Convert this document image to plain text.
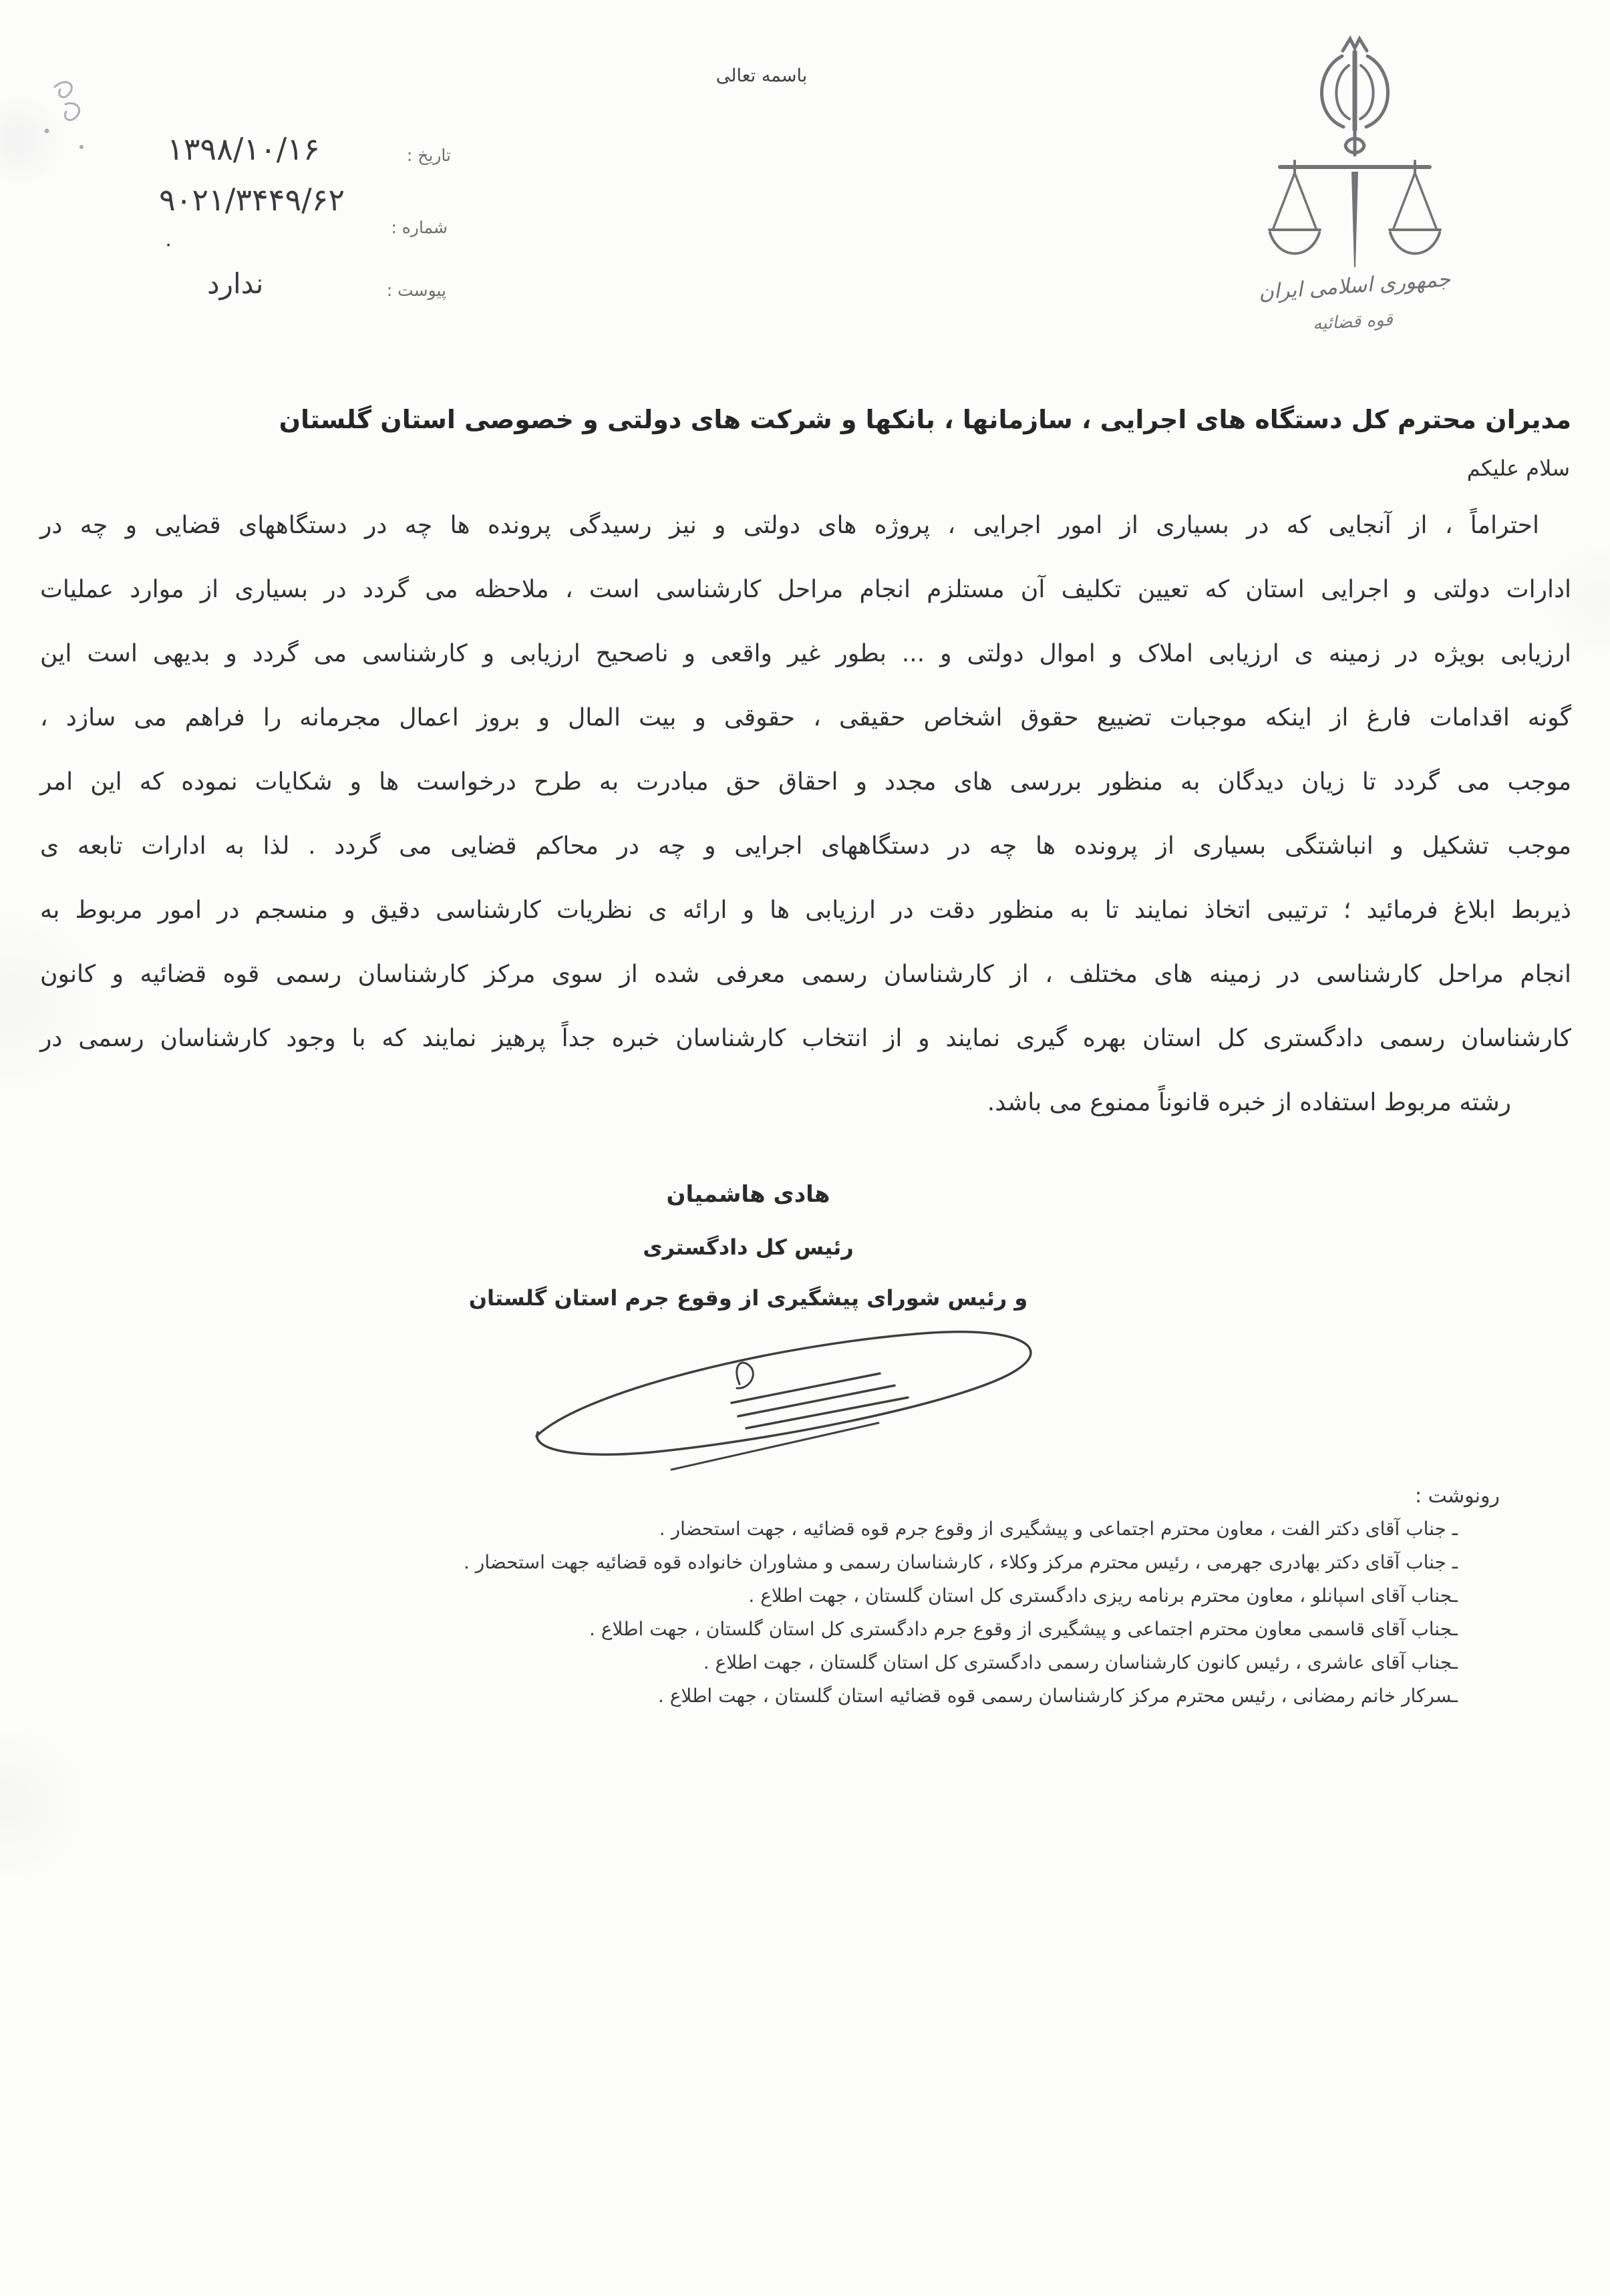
باسمه تعالی
تاریخ :
۱۳۹۸/۱۰/۱۶
شماره :
۹۰۲۱/۳۴۴۹/۶۲
۰
پیوست :
ندارد	جمهوری اسلامی ایران
قوه قضائیه
مدیران محترم کل دستگاه های اجرایی ، سازمانها ، بانکها و شرکت های دولتی و خصوصی استان گلستان
سلام علیکم
احتراماً ، از آنجایی که در بسیاری از امور اجرایی ، پروژه های دولتی و نیز رسیدگی پرونده ها چه در دستگاههای قضایی و چه در
ادارات دولتی و اجرایی استان که تعیین تکلیف آن مستلزم انجام مراحل کارشناسی است ، ملاحظه می گردد در بسیاری از موارد عملیات
ارزیابی بویژه در زمینه ی ارزیابی املاک و اموال دولتی و ... بطور غیر واقعی و ناصحیح ارزیابی و کارشناسی می گردد و بدیهی است این
گونه اقدامات فارغ از اینکه موجبات تضییع حقوق اشخاص حقیقی ، حقوقی و بیت المال و بروز اعمال مجرمانه را فراهم می سازد ،
موجب می گردد تا زیان دیدگان به منظور بررسی های مجدد و احقاق حق مبادرت به طرح درخواست ها و شکایات نموده که این امر
موجب تشکیل و انباشتگی بسیاری از پرونده ها چه در دستگاههای اجرایی و چه در محاکم قضایی می گردد . لذا به ادارات تابعه ی
ذیربط ابلاغ فرمائید ؛ ترتیبی اتخاذ نمایند تا به منظور دقت در ارزیابی ها و ارائه ی نظریات کارشناسی دقیق و منسجم در امور مربوط به
انجام مراحل کارشناسی در زمینه های مختلف ، از کارشناسان رسمی معرفی شده از سوی مرکز کارشناسان رسمی قوه قضائیه و کانون
کارشناسان رسمی دادگستری کل استان بهره گیری نمایند و از انتخاب کارشناسان خبره جداً پرهیز نمایند که با وجود کارشناسان رسمی در
رشته مربوط استفاده از خبره قانوناً ممنوع می باشد.
هادی هاشمیان
رئیس کل دادگستری
و رئیس شورای پیشگیری از وقوع جرم استان گلستان
رونوشت :
ـ جناب آقای دکتر الفت ، معاون محترم اجتماعی و پیشگیری از وقوع جرم قوه قضائیه ، جهت استحضار .
ـ جناب آقای دکتر بهادری جهرمی ، رئیس محترم مرکز وکلاء ، کارشناسان رسمی و مشاوران خانواده قوه قضائیه جهت استحضار .
ـجناب آقای اسپانلو ، معاون محترم برنامه ریزی دادگستری کل استان گلستان ، جهت اطلاع .
ـجناب آقای قاسمی معاون محترم اجتماعی و پیشگیری از وقوع جرم دادگستری کل استان گلستان ، جهت اطلاع .
ـجناب آقای عاشری ، رئیس کانون کارشناسان رسمی دادگستری کل استان گلستان ، جهت اطلاع .
ـسرکار خانم رمضانی ، رئیس محترم مرکز کارشناسان رسمی قوه قضائیه استان گلستان ، جهت اطلاع .
